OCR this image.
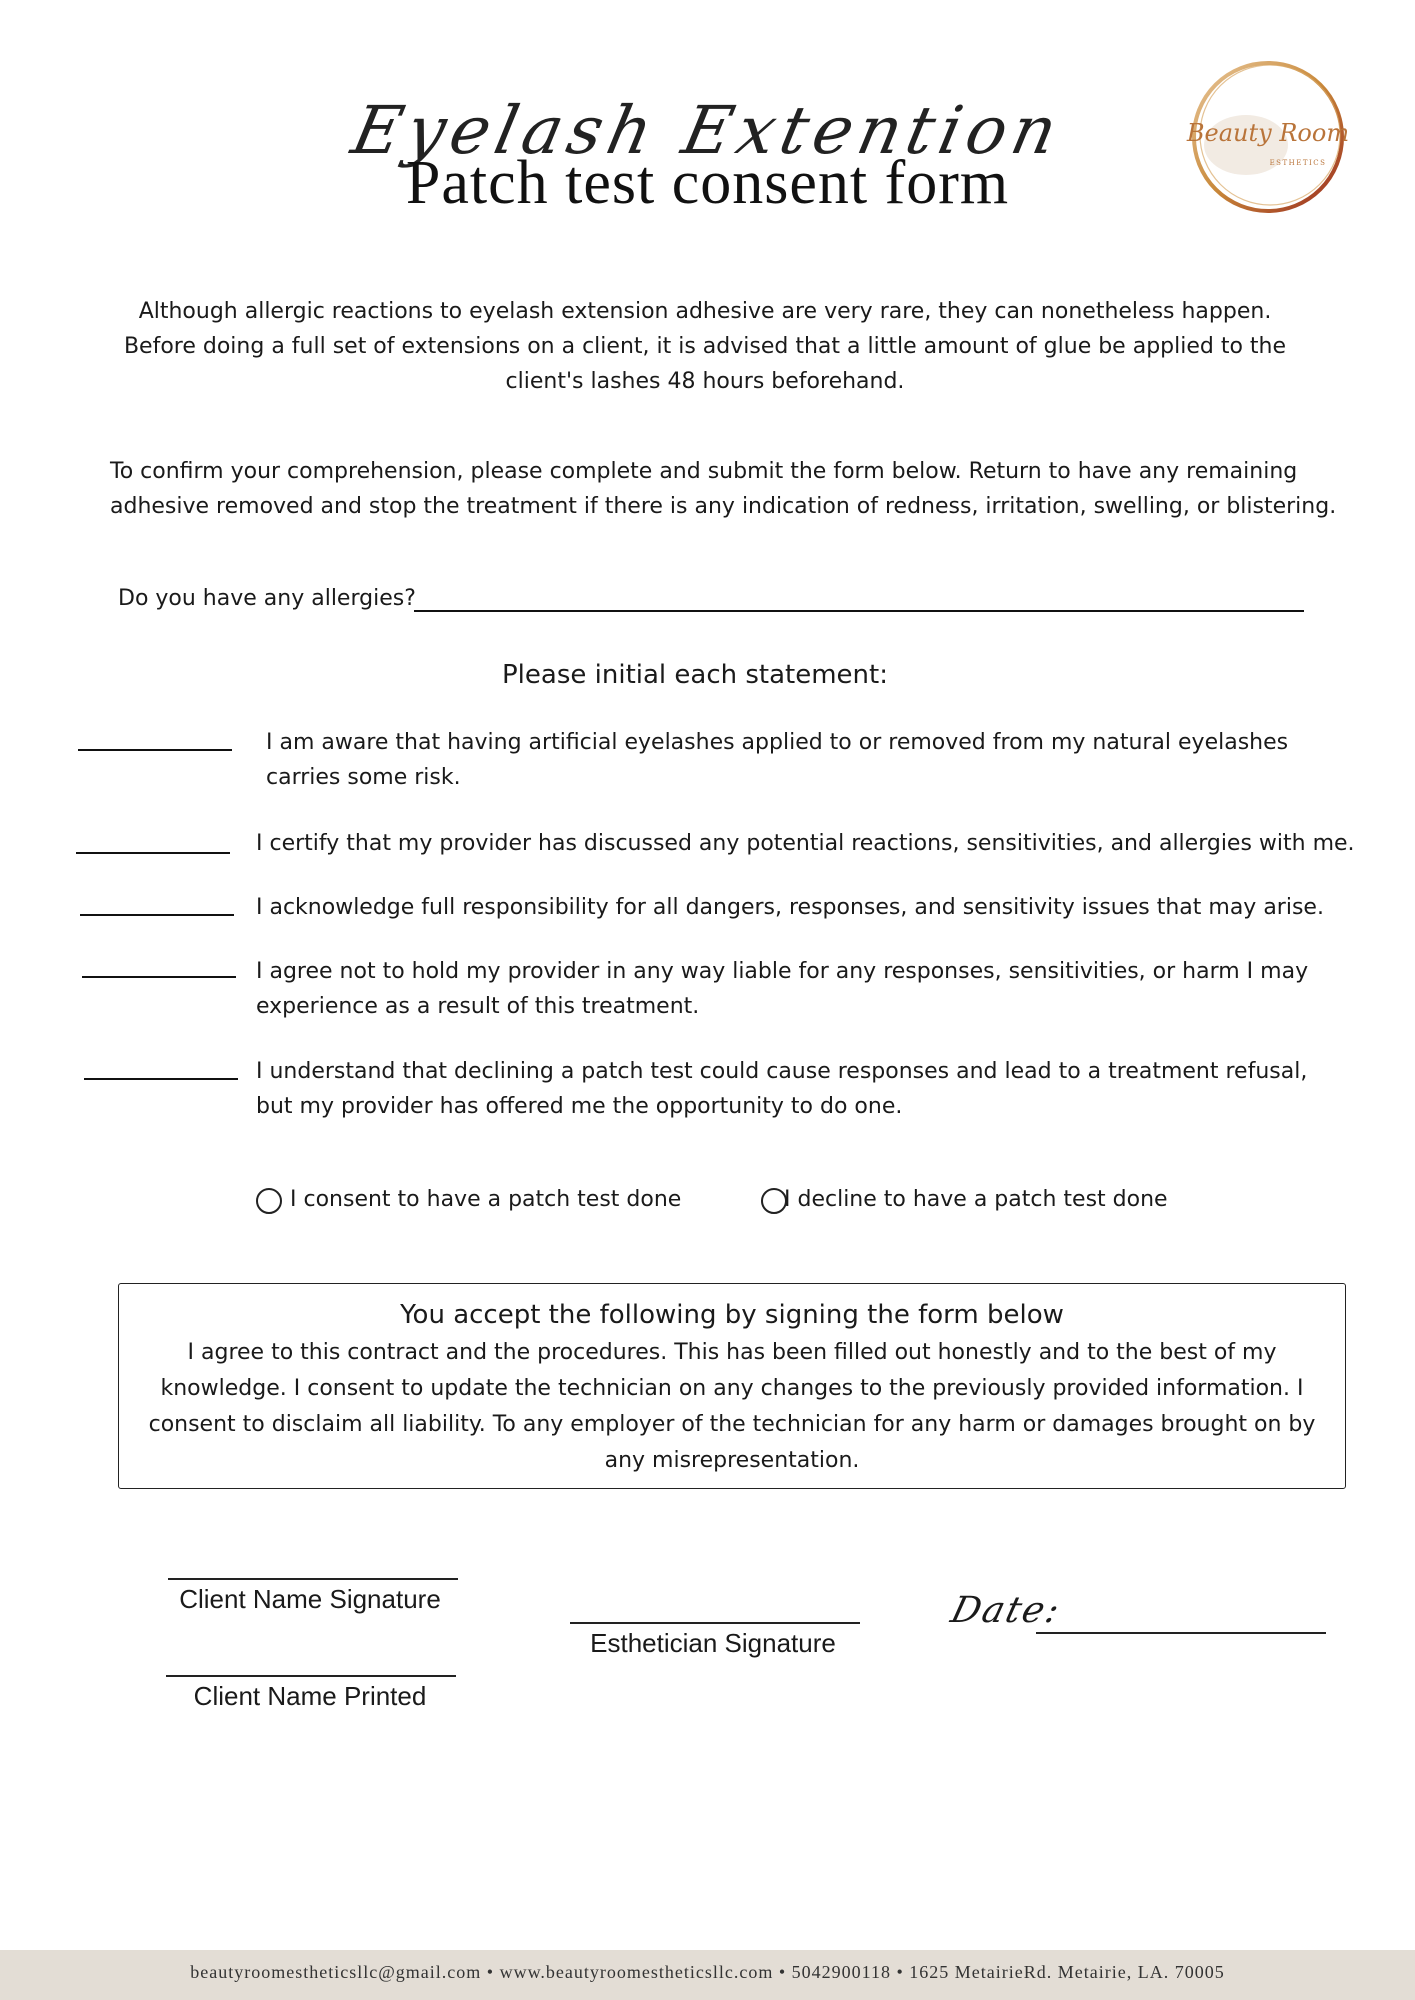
Eyelash Extention
Patch test consent form
Beauty Room
ESTHETICS
Although allergic reactions to eyelash extension adhesive are very rare, they can nonetheless happen. Before doing a full set of extensions on a client, it is advised that a little amount of glue be applied to the client's lashes 48 hours beforehand.
To confirm your comprehension, please complete and submit the form below. Return to have any remaining adhesive removed and stop the treatment if there is any indication of redness, irritation, swelling, or blistering.
Do you have any allergies?
Please initial each statement:
I am aware that having artificial eyelashes applied to or removed from my natural eyelashes carries some risk.
I certify that my provider has discussed any potential reactions, sensitivities, and allergies with me.
I acknowledge full responsibility for all dangers, responses, and sensitivity issues that may arise.
I agree not to hold my provider in any way liable for any responses, sensitivities, or harm I may experience as a result of this treatment.
I understand that declining a patch test could cause responses and lead to a treatment refusal, but my provider has offered me the opportunity to do one.
I consent to have a patch test done	I decline to have a patch test done
You accept the following by signing the form below
I agree to this contract and the procedures. This has been filled out honestly and to the best of my knowledge. I consent to update the technician on any changes to the previously provided information. I consent to disclaim all liability. To any employer of the technician for any harm or damages brought on by any misrepresentation.
Client Name Signature
Client Name Printed
Esthetician Signature
Date:
beautyroomestheticsllc@gmail.com • www.beautyroomestheticsllc.com • 5042900118 • 1625 MetairieRd. Metairie, LA. 70005
